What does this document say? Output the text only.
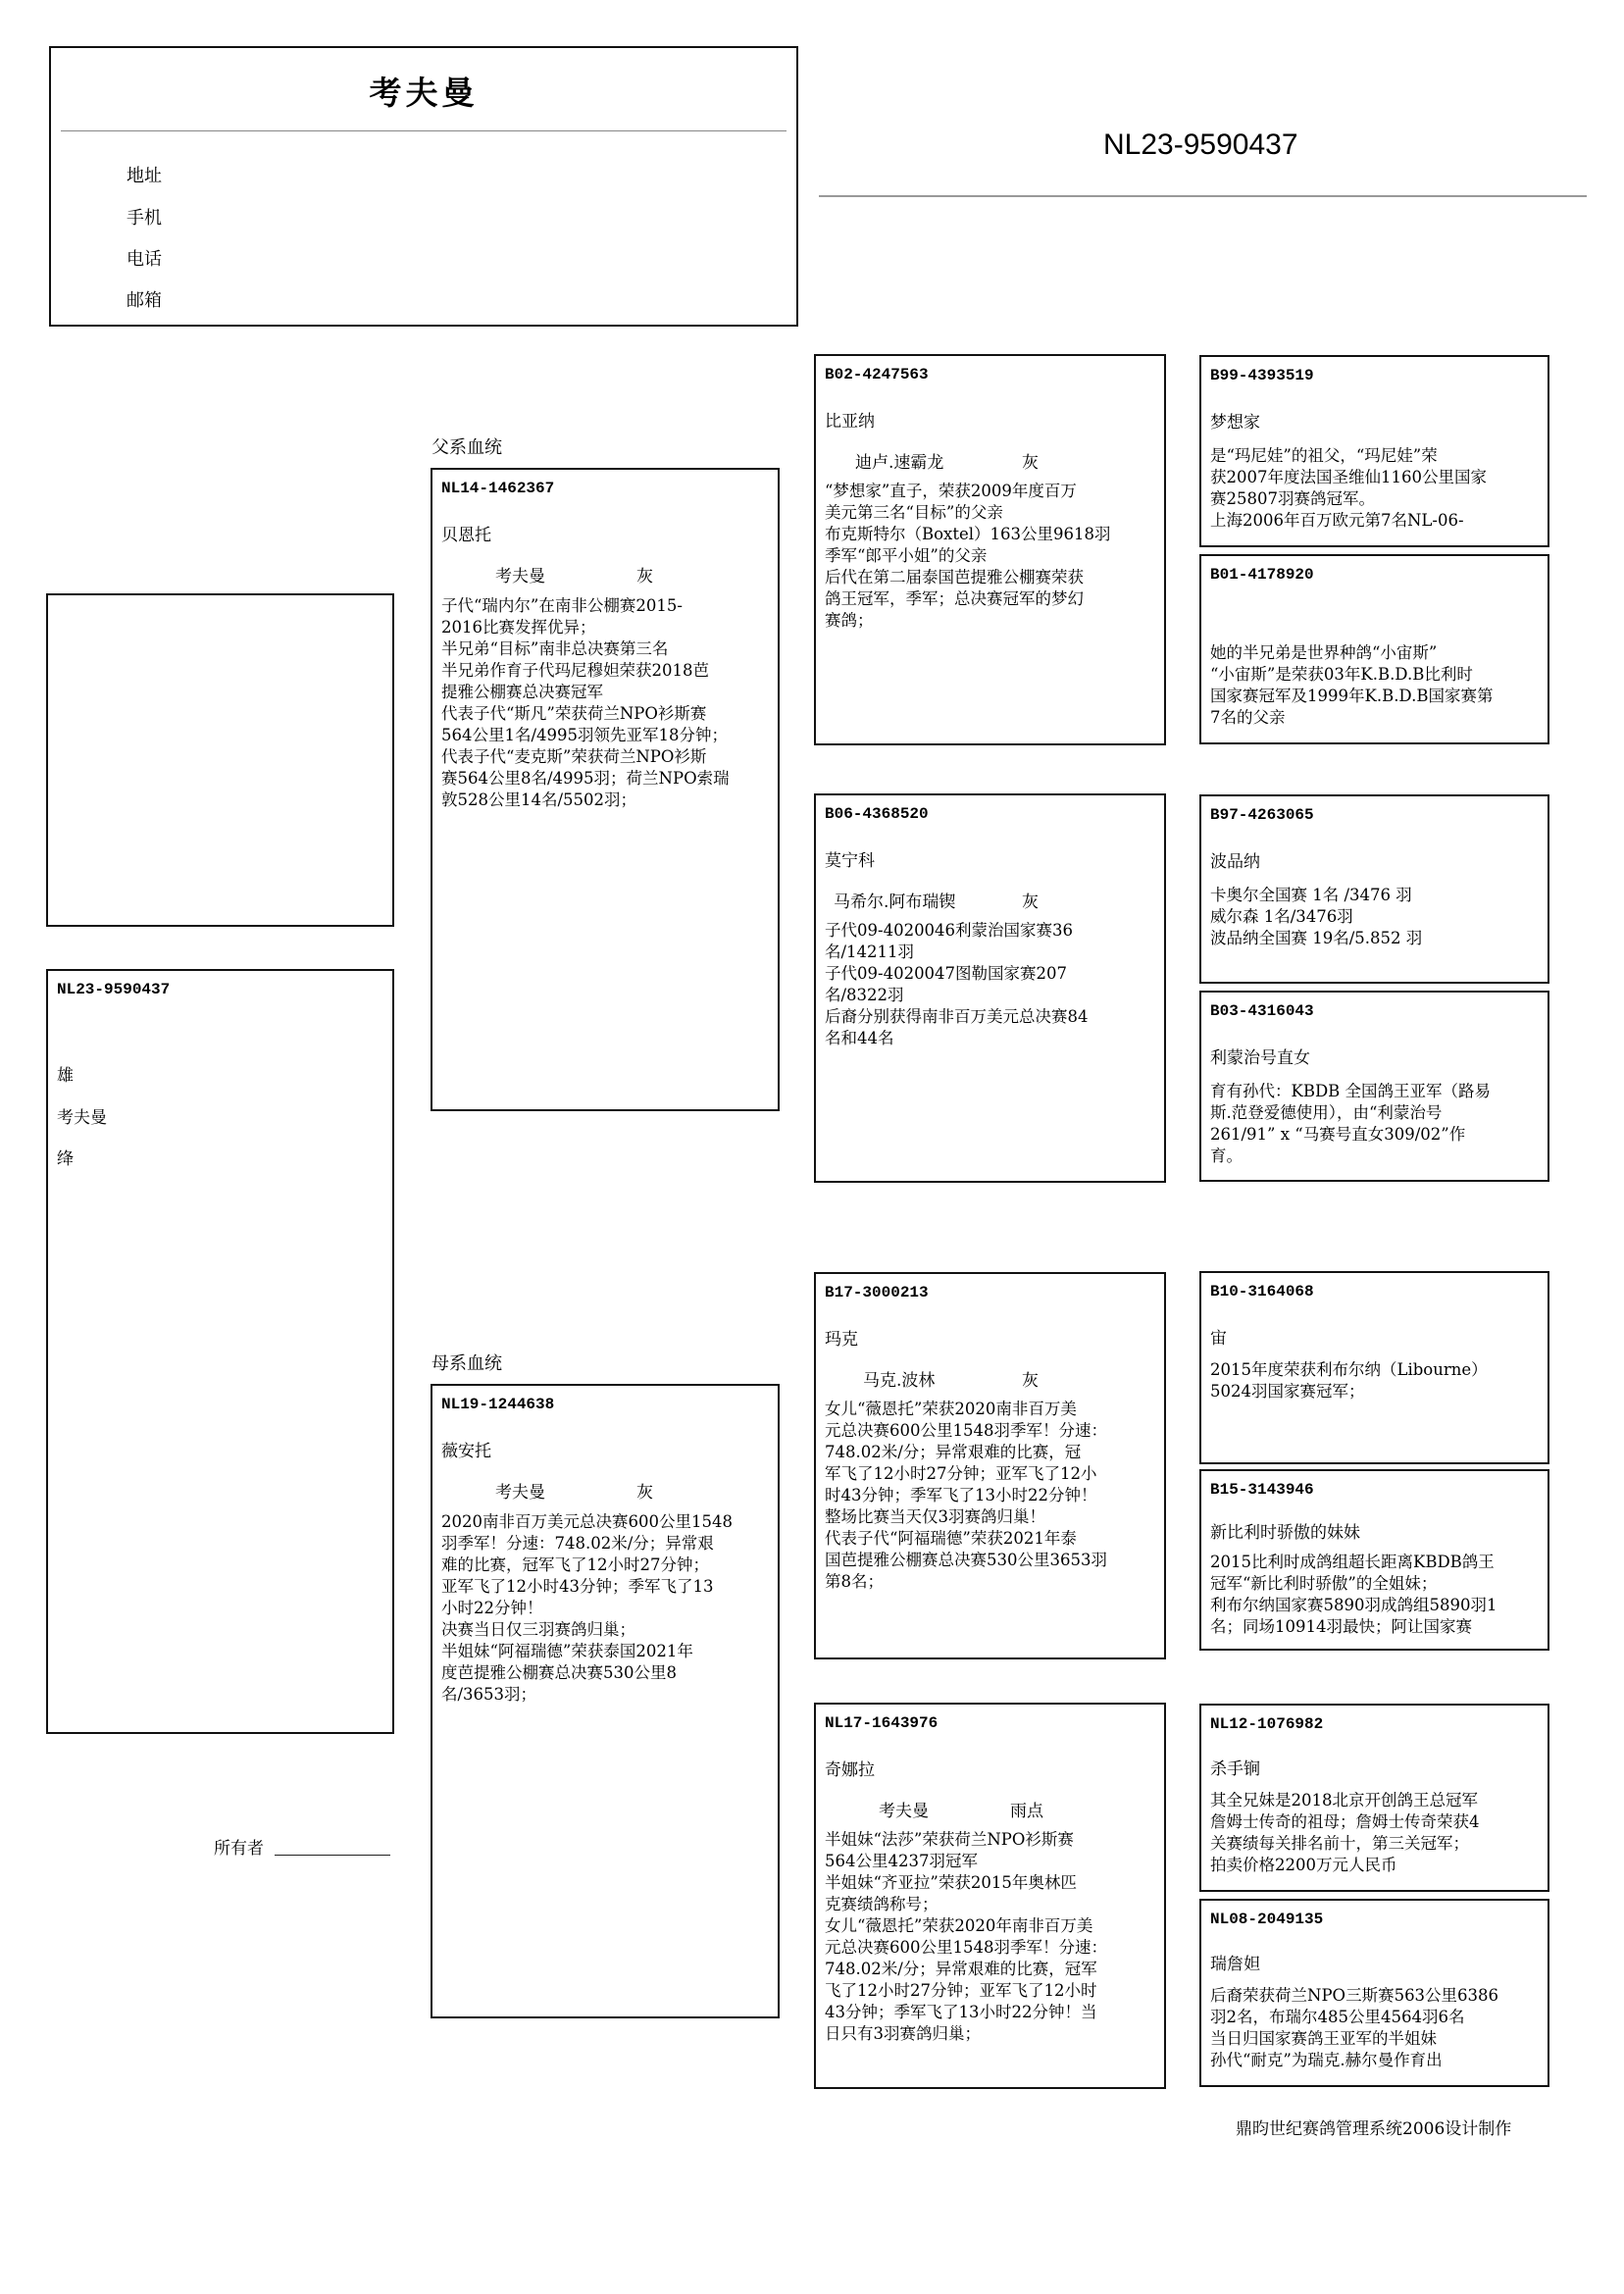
考夫曼
地址
手机
电话
邮箱
NL23-9590437
NL23-9590437
雄
考夫曼
绛
所有者
父系血统
母系血统
NL14-1462367
贝恩托
考夫曼	灰
子代“瑞内尔”在南非公棚赛2015-
2016比赛发挥优异；
半兄弟“目标”南非总决赛第三名
半兄弟作育子代玛尼穆妲荣获2018芭
提雅公棚赛总决赛冠军
代表子代“斯凡”荣获荷兰NPO衫斯赛
564公里1名/4995羽领先亚军18分钟；
代表子代“麦克斯”荣获荷兰NPO衫斯
赛564公里8名/4995羽；荷兰NPO索瑞
敦528公里14名/5502羽；
NL19-1244638
薇安托
考夫曼	灰
2020南非百万美元总决赛600公里1548
羽季军！分速：748.02米/分；异常艰
难的比赛，冠军飞了12小时27分钟；
亚军飞了12小时43分钟；季军飞了13
小时22分钟！
决赛当日仅三羽赛鸽归巢；
半姐妹“阿福瑞德”荣获泰国2021年
度芭提雅公棚赛总决赛530公里8
名/3653羽；
B02-4247563
比亚纳
迪卢.速霸龙	灰
“梦想家”直子，荣获2009年度百万
美元第三名“目标”的父亲
布克斯特尔（Boxtel）163公里9618羽
季军“郎平小姐”的父亲
后代在第二届泰国芭提雅公棚赛荣获
鸽王冠军，季军；总决赛冠军的梦幻
赛鸽；
B06-4368520
莫宁科
马希尔.阿布瑞锲	灰
子代09-4020046利蒙治国家赛36
名/14211羽
子代09-4020047图勒国家赛207
名/8322羽
后裔分别获得南非百万美元总决赛84
名和44名
B17-3000213
玛克
马克.波林	灰
女儿“薇恩托”荣获2020南非百万美
元总决赛600公里1548羽季军！分速：
748.02米/分；异常艰难的比赛，冠
军飞了12小时27分钟；亚军飞了12小
时43分钟；季军飞了13小时22分钟！
整场比赛当天仅3羽赛鸽归巢！
代表子代“阿福瑞德”荣获2021年泰
国芭提雅公棚赛总决赛530公里3653羽
第8名；
NL17-1643976
奇娜拉
考夫曼	雨点
半姐妹“法莎”荣获荷兰NPO衫斯赛
564公里4237羽冠军
半姐妹“齐亚拉”荣获2015年奥林匹
克赛绩鸽称号；
女儿“薇恩托”荣获2020年南非百万美
元总决赛600公里1548羽季军！分速：
748.02米/分；异常艰难的比赛，冠军
飞了12小时27分钟；亚军飞了12小时
43分钟；季军飞了13小时22分钟！当
日只有3羽赛鸽归巢；
B99-4393519
梦想家
是“玛尼娃”的祖父，“玛尼娃”荣
获2007年度法国圣维仙1160公里国家
赛25807羽赛鸽冠军。
上海2006年百万欧元第7名NL-06-
B01-4178920
她的半兄弟是世界种鸽“小宙斯”
“小宙斯”是荣获03年K.B.D.B比利时
国家赛冠军及1999年K.B.D.B国家赛第
7名的父亲
B97-4263065
波品纳
卡奥尔全国赛 1名 /3476 羽
威尔森 1名/3476羽
波品纳全国赛 19名/5.852 羽
B03-4316043
利蒙治号直女
育有孙代：KBDB 全国鸽王亚军（路易
斯.范登爱德使用），由“利蒙治号
261/91” x “马赛号直女309/02”作
育。
B10-3164068
宙
2015年度荣获利布尔纳（Libourne）
5024羽国家赛冠军；
B15-3143946
新比利时骄傲的妹妹
2015比利时成鸽组超长距离KBDB鸽王
冠军“新比利时骄傲”的全姐妹；
利布尔纳国家赛5890羽成鸽组5890羽1
名；同场10914羽最快；阿让国家赛
NL12-1076982
杀手锏
其全兄妹是2018北京开创鸽王总冠军
詹姆士传奇的祖母；詹姆士传奇荣获4
关赛绩每关排名前十，第三关冠军；
拍卖价格2200万元人民币
NL08-2049135
瑞詹妲
后裔荣获荷兰NPO三斯赛563公里6386
羽2名，布瑞尔485公里4564羽6名
当日归国家赛鸽王亚军的半姐妹
孙代“耐克”为瑞克.赫尔曼作育出
鼎昀世纪赛鸽管理系统2006设计制作
